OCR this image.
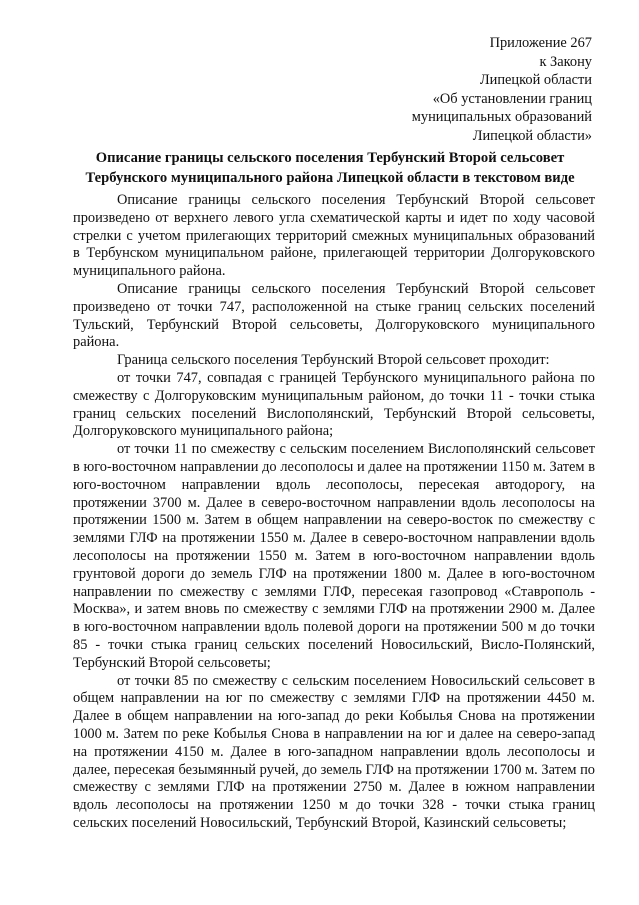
Приложение 267
к Закону
Липецкой области
«Об установлении границ
муниципальных образований
Липецкой области»
Описание границы сельского поселения Тербунский Второй сельсовет
Тербунского муниципального района Липецкой области в текстовом виде

Описание границы сельского поселения Тербунский Второй сельсовет произведено от верхнего левого угла схематической карты и идет по ходу часовой стрелки с учетом прилегающих территорий смежных муниципальных образований в Тербунском муниципальном районе, прилегающей территории Долгоруковского муниципального района.

Описание границы сельского поселения Тербунский Второй сельсовет произведено от точки 747, расположенной на стыке границ сельских поселений Тульский, Тербунский Второй сельсоветы, Долгоруковского муниципального района.

Граница сельского поселения Тербунский Второй сельсовет проходит:

от точки 747, совпадая с границей Тербунского муниципального района по смежеству с Долгоруковским муниципальным районом, до точки 11 - точки стыка границ сельских поселений Вислополянский, Тербунский Второй сельсоветы, Долгоруковского муниципального района;

от точки 11 по смежеству с сельским поселением Вислополянский сельсовет в юго-восточном направлении до лесополосы и далее на протяжении 1150 м. Затем в юго-восточном направлении вдоль лесополосы, пересекая автодорогу, на протяжении 3700 м. Далее в северо-восточном направлении вдоль лесополосы на протяжении 1500 м. Затем в общем направлении на северо-восток по смежеству с землями ГЛФ на протяжении 1550 м. Далее в северо-восточном направлении вдоль лесополосы на протяжении 1550 м. Затем в юго-восточном направлении вдоль грунтовой дороги до земель ГЛФ на протяжении 1800 м. Далее в юго-восточном направлении по смежеству с землями ГЛФ, пересекая газопровод «Ставрополь - Москва», и затем вновь по смежеству с землями ГЛФ на протяжении 2900 м. Далее в юго-восточном направлении вдоль полевой дороги на протяжении 500 м до точки 85 - точки стыка границ сельских поселений Новосильский, Висло-Полянский, Тербунский Второй сельсоветы;

от точки 85 по смежеству с сельским поселением Новосильский сельсовет в общем направлении на юг по смежеству с землями ГЛФ на протяжении 4450 м. Далее в общем направлении на юго-запад до реки Кобылья Снова на протяжении 1000 м. Затем по реке Кобылья Снова в направлении на юг и далее на северо-запад на протяжении 4150 м. Далее в юго-западном направлении вдоль лесополосы и далее, пересекая безымянный ручей, до земель ГЛФ на протяжении 1700 м. Затем по смежеству с землями ГЛФ на протяжении 2750 м. Далее в южном направлении вдоль лесополосы на протяжении 1250 м до точки 328 - точки стыка границ сельских поселений Новосильский, Тербунский Второй, Казинский сельсоветы;
